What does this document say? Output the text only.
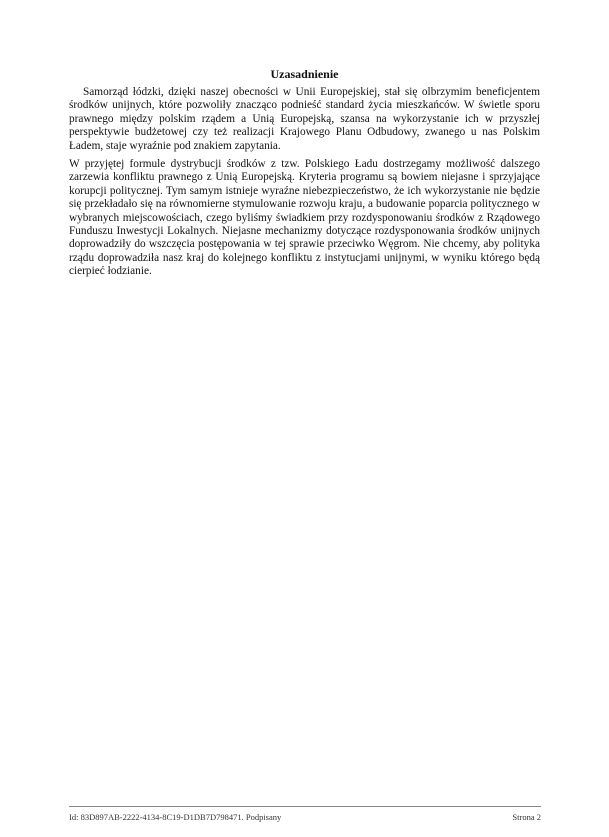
Uzasadnienie

Samorząd łódzki, dzięki naszej obecności w Unii Europejskiej, stał się olbrzymim beneficjentem środków unijnych, które pozwoliły znacząco podnieść standard życia mieszkańców. W świetle sporu prawnego między polskim rządem a Unią Europejską, szansa na wykorzystanie ich w przyszłej perspektywie budżetowej czy też realizacji Krajowego Planu Odbudowy, zwanego u nas Polskim Ładem, staje wyraźnie pod znakiem zapytania.

W przyjętej formule dystrybucji środków z tzw. Polskiego Ładu dostrzegamy możliwość dalszego zarzewia konfliktu prawnego z Unią Europejską. Kryteria programu są bowiem niejasne i sprzyjające korupcji politycznej. Tym samym istnieje wyraźne niebezpieczeństwo, że ich wykorzystanie nie będzie się przekładało się na równomierne stymulowanie rozwoju kraju, a budowanie poparcia politycznego w wybranych miejscowościach, czego byliśmy świadkiem przy rozdysponowaniu środków z Rządowego Funduszu Inwestycji Lokalnych. Niejasne mechanizmy dotyczące rozdysponowania środków unijnych doprowadziły do wszczęcia postępowania w tej sprawie przeciwko Węgrom. Nie chcemy, aby polityka rządu doprowadziła nasz kraj do kolejnego konfliktu z instytucjami unijnymi, w wyniku którego będą cierpieć łodzianie.

Id: 83D897AB-2222-4134-8C19-D1DB7D798471. Podpisany	Strona 2
